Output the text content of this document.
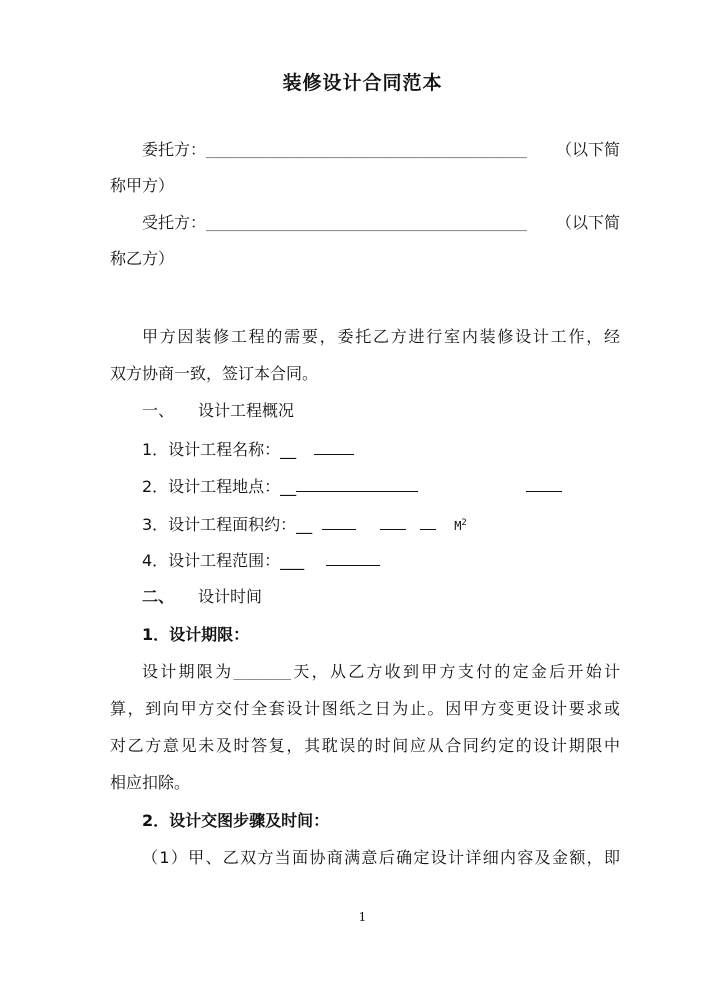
装修设计合同范本
委托方：_________________________________________ （以下简
称甲方）
受托方：_________________________________________ （以下简
称乙方）
甲方因装修工程的需要，委托乙方进行室内装修设计工作，经
双方协商一致，签订本合同。
一、 设计工程概况
1．设计工程名称：__
2．设计工程地点：__
3．设计工程面积约：__	$M^2$
4．设计工程范围：___
二、 设计时间
1．设计期限：
设计期限为________天，从乙方收到甲方支付的定金后开始计
算，到向甲方交付全套设计图纸之日为止。因甲方变更设计要求或
对乙方意见未及时答复，其耽误的时间应从合同约定的设计期限中
相应扣除。
2．设计交图步骤及时间：
（1）甲、乙双方当面协商满意后确定设计详细内容及金额，即
1
